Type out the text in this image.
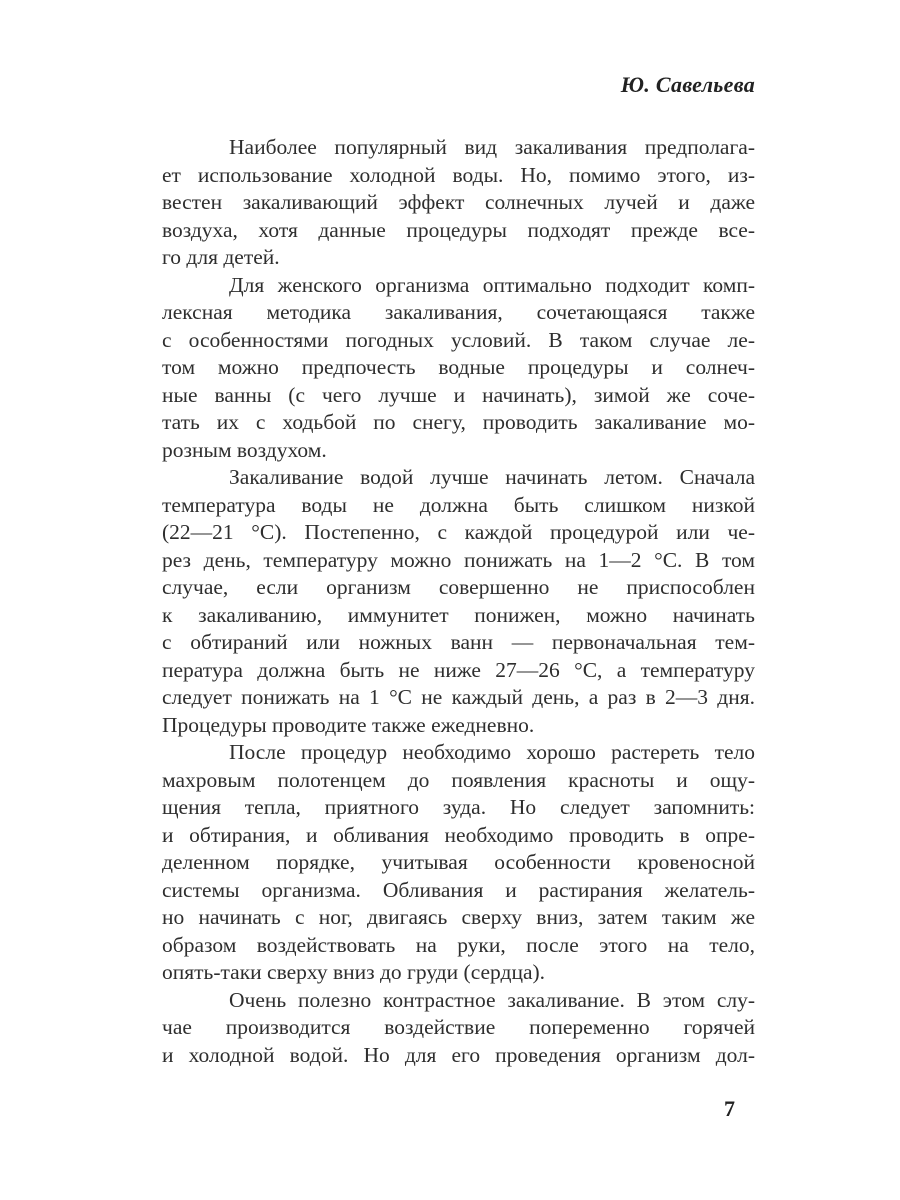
Ю. Савельева
Наиболее популярный вид закаливания предполага-
ет использование холодной воды. Но, помимо этого, из-
вестен закаливающий эффект солнечных лучей и даже
воздуха, хотя данные процедуры подходят прежде все-
го для детей.
Для женского организма оптимально подходит комп-
лексная методика закаливания, сочетающаяся также
с особенностями погодных условий. В таком случае ле-
том можно предпочесть водные процедуры и солнеч-
ные ванны (с чего лучше и начинать), зимой же соче-
тать их с ходьбой по снегу, проводить закаливание мо-
розным воздухом.
Закаливание водой лучше начинать летом. Сначала
температура воды не должна быть слишком низкой
(22—21 °С). Постепенно, с каждой процедурой или че-
рез день, температуру можно понижать на 1—2 °С. В том
случае, если организм совершенно не приспособлен
к закаливанию, иммунитет понижен, можно начинать
с обтираний или ножных ванн — первоначальная тем-
пература должна быть не ниже 27—26 °С, а температуру
следует понижать на 1 °С не каждый день, а раз в 2—3 дня.
Процедуры проводите также ежедневно.
После процедур необходимо хорошо растереть тело
махровым полотенцем до появления красноты и ощу-
щения тепла, приятного зуда. Но следует запомнить:
и обтирания, и обливания необходимо проводить в опре-
деленном порядке, учитывая особенности кровеносной
системы организма. Обливания и растирания желатель-
но начинать с ног, двигаясь сверху вниз, затем таким же
образом воздействовать на руки, после этого на тело,
опять-таки сверху вниз до груди (сердца).
Очень полезно контрастное закаливание. В этом слу-
чае производится воздействие попеременно горячей
и холодной водой. Но для его проведения организм дол-
7
